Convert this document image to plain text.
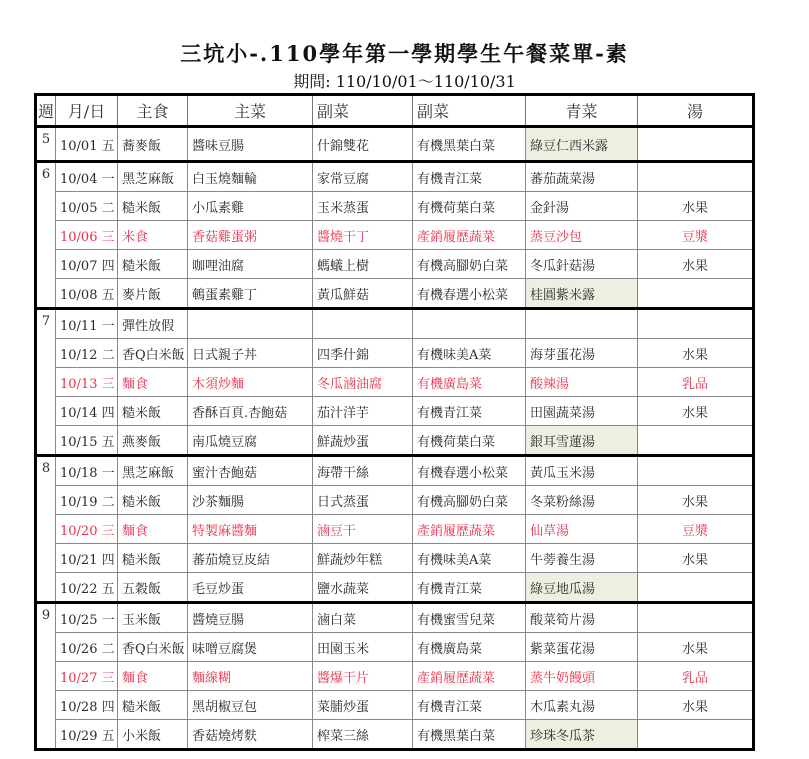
三坑小-.110學年第一學期學生午餐菜單-素
期間: 110/10/01～110/10/31
週	月/日	主食	主菜	副菜	副菜	青菜	湯
5	10/01 五	蕎麥飯	醬味豆腸	什錦雙花	有機黑葉白菜	綠豆仁西米露	
6	10/04 一	黑芝麻飯	白玉燒麵輪	家常豆腐	有機青江菜	蕃茄蔬菜湯	
	10/05 二	糙米飯	小瓜素雞	玉米蒸蛋	有機荷葉白菜	金針湯	水果
	10/06 三	米食	香菇雞蛋粥	醬燒干丁	產銷履歷蔬菜	蒸豆沙包	豆漿
	10/07 四	糙米飯	咖哩油腐	螞蟻上樹	有機高腳奶白菜	冬瓜針菇湯	水果
	10/08 五	麥片飯	鵪蛋素雞丁	黃瓜鮮菇	有機春選小松菜	桂圓紫米露	
7	10/11 一	彈性放假					
	10/12 二	香Q白米飯	日式親子丼	四季什錦	有機味美A菜	海芽蛋花湯	水果
	10/13 三	麵食	木須炒麵	冬瓜滷油腐	有機廣島菜	酸辣湯	乳品
	10/14 四	糙米飯	香酥百頁.杏鮑菇	茄汁洋芋	有機青江菜	田園蔬菜湯	水果
	10/15 五	燕麥飯	南瓜燒豆腐	鮮蔬炒蛋	有機荷葉白菜	銀耳雪蓮湯	
8	10/18 一	黑芝麻飯	蜜汁杏鮑菇	海帶干絲	有機春選小松菜	黃瓜玉米湯	
	10/19 二	糙米飯	沙茶麵腸	日式蒸蛋	有機高腳奶白菜	冬菜粉絲湯	水果
	10/20 三	麵食	特製麻醬麵	滷豆干	產銷履歷蔬菜	仙草湯	豆漿
	10/21 四	糙米飯	蕃茄燒豆皮結	鮮蔬炒年糕	有機味美A菜	牛蒡養生湯	水果
	10/22 五	五穀飯	毛豆炒蛋	鹽水蔬菜	有機青江菜	綠豆地瓜湯	
9	10/25 一	玉米飯	醬燒豆腸	滷白菜	有機蜜雪兒菜	酸菜筍片湯	
	10/26 二	香Q白米飯	味噌豆腐煲	田園玉米	有機廣島菜	紫菜蛋花湯	水果
	10/27 三	麵食	麵線糊	醬爆干片	產銷履歷蔬菜	蒸牛奶饅頭	乳品
	10/28 四	糙米飯	黑胡椒豆包	菜脯炒蛋	有機青江菜	木瓜素丸湯	水果
	10/29 五	小米飯	香菇燒烤麩	榨菜三絲	有機黑葉白菜	珍珠冬瓜茶	
